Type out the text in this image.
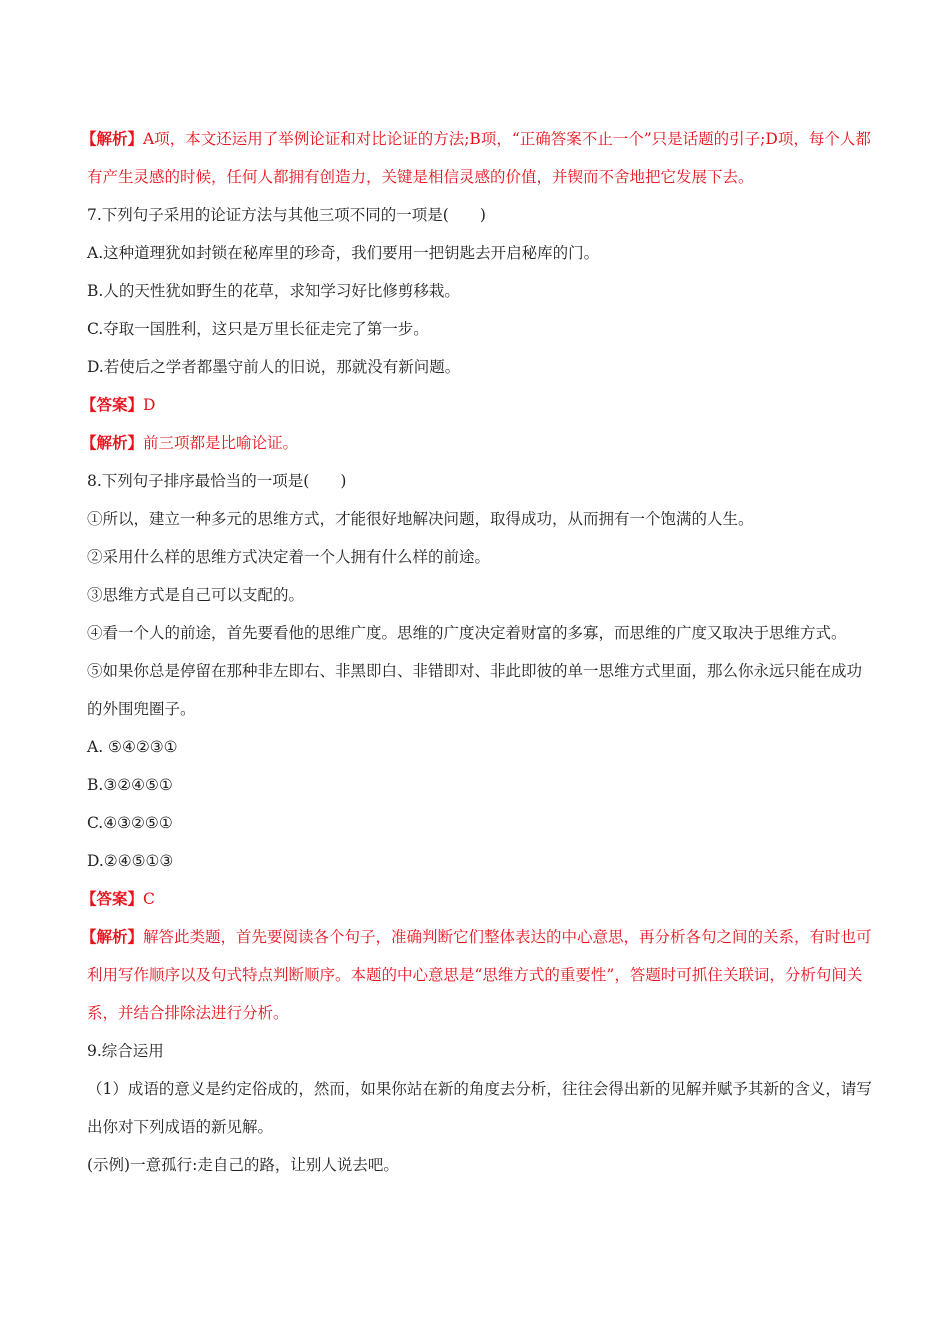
【解析】A项，本文还运用了举例论证和对比论证的方法;B项，“正确答案不止一个”只是话题的引子;D项，每个人都有产生灵感的时候，任何人都拥有创造力，关键是相信灵感的价值，并锲而不舍地把它发展下去。
7.下列句子采用的论证方法与其他三项不同的一项是(　　)
A.这种道理犹如封锁在秘库里的珍奇，我们要用一把钥匙去开启秘库的门。
B.人的天性犹如野生的花草，求知学习好比修剪移栽。
C.夺取一国胜利，这只是万里长征走完了第一步。
D.若使后之学者都墨守前人的旧说，那就没有新问题。
【答案】D
【解析】前三项都是比喻论证。
8.下列句子排序最恰当的一项是(　　)
①所以，建立一种多元的思维方式，才能很好地解决问题，取得成功，从而拥有一个饱满的人生。
②采用什么样的思维方式决定着一个人拥有什么样的前途。
③思维方式是自己可以支配的。
④看一个人的前途，首先要看他的思维广度。思维的广度决定着财富的多寡，而思维的广度又取决于思维方式。
⑤如果你总是停留在那种非左即右、非黑即白、非错即对、非此即彼的单一思维方式里面，那么你永远只能在成功的外围兜圈子。
A. ⑤④②③①
B.③②④⑤①
C.④③②⑤①
D.②④⑤①③
【答案】C
【解析】解答此类题，首先要阅读各个句子，准确判断它们整体表达的中心意思，再分析各句之间的关系，有时也可利用写作顺序以及句式特点判断顺序。本题的中心意思是“思维方式的重要性”，答题时可抓住关联词，分析句间关系，并结合排除法进行分析。
9.综合运用
（1）成语的意义是约定俗成的，然而，如果你站在新的角度去分析，往往会得出新的见解并赋予其新的含义，请写出你对下列成语的新见解。
(示例)一意孤行:走自己的路，让别人说去吧。
